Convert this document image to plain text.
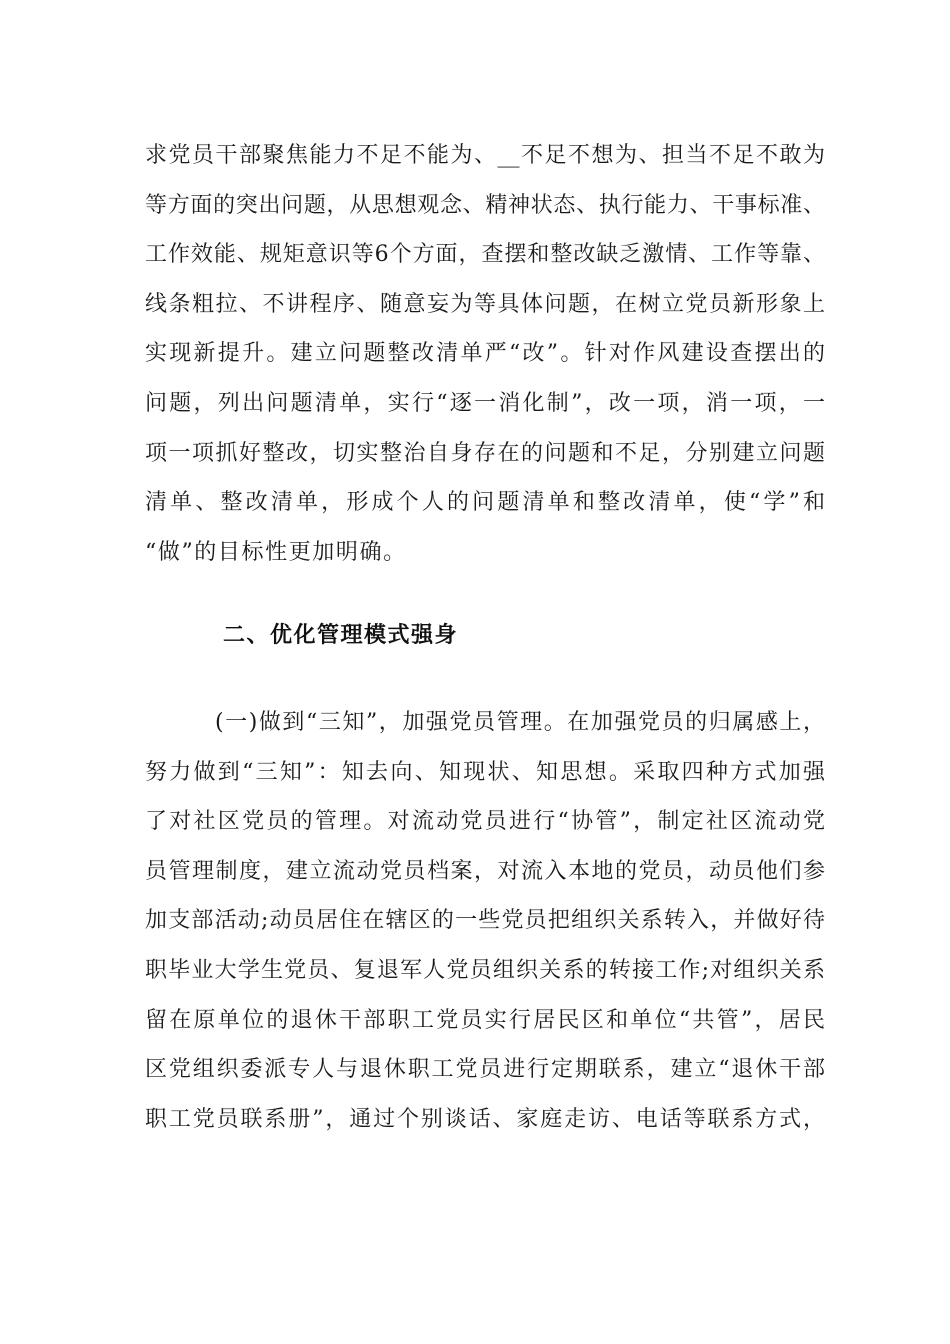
求党员干部聚焦能力不足不能为、__不足不想为、担当不足不敢为
等方面的突出问题，从思想观念、精神状态、执行能力、干事标准、
工作效能、规矩意识等6个方面，查摆和整改缺乏激情、工作等靠、
线条粗拉、不讲程序、随意妄为等具体问题，在树立党员新形象上
实现新提升。建立问题整改清单严“改”。针对作风建设查摆出的
问题，列出问题清单，实行“逐一消化制”，改一项，消一项，一
项一项抓好整改，切实整治自身存在的问题和不足，分别建立问题
清单、整改清单，形成个人的问题清单和整改清单，使“学”和
“做”的目标性更加明确。
二、优化管理模式强身
(一)做到“三知”，加强党员管理。在加强党员的归属感上，
努力做到“三知”：知去向、知现状、知思想。采取四种方式加强
了对社区党员的管理。对流动党员进行“协管”，制定社区流动党
员管理制度，建立流动党员档案，对流入本地的党员，动员他们参
加支部活动;动员居住在辖区的一些党员把组织关系转入，并做好待
职毕业大学生党员、复退军人党员组织关系的转接工作;对组织关系
留在原单位的退休干部职工党员实行居民区和单位“共管”，居民
区党组织委派专人与退休职工党员进行定期联系，建立“退休干部
职工党员联系册”，通过个别谈话、家庭走访、电话等联系方式，
